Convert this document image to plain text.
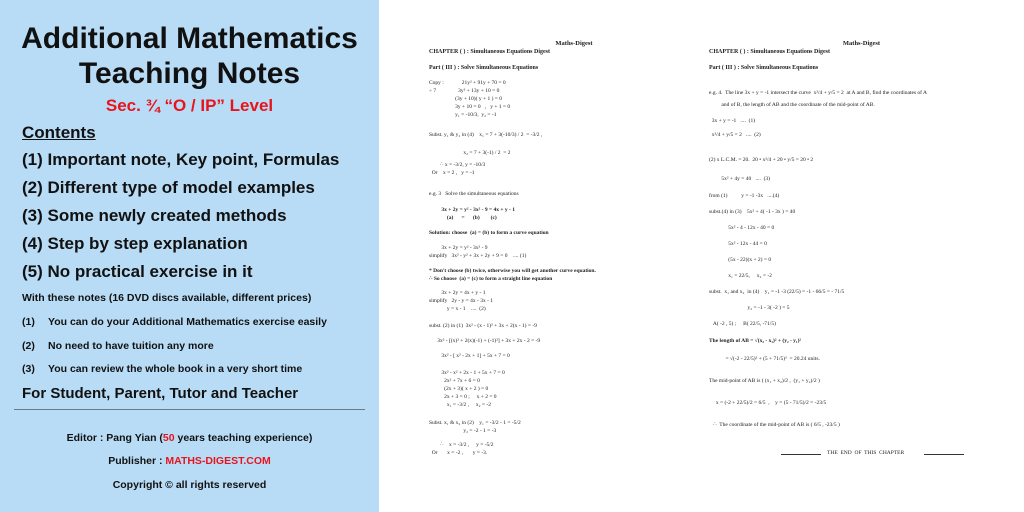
Additional Mathematics
Teaching Notes
Sec. ¾ “O / IP” Level
Contents
(1) Important note, Key point, Formulas
(2) Different type of model examples
(3) Some newly created methods
(4) Step by step explanation
(5) No practical exercise in it
With these notes (16 DVD discs available, different prices)
(1) You can do your Additional Mathematics exercise easily
(2) No need to have tuition any more
(3) You can review the whole book in a very short time
For Student, Parent, Tutor and Teacher
Editor : Pang Yian (50 years teaching experience)
Publisher : MATHS-DIGEST.COM
Copyright © all rights reserved
Maths-Digest
CHAPTER ( ) : Simultaneous Equations Digest
Part ( III ) : Solve Simultaneous Equations
Copy :             21y² + 91y + 70 = 0
÷ 7                3y² + 13y + 10 = 0
(3y + 10)( y + 1 ) = 0
3y + 10 = 0   ,   y + 1 = 0
y₁ = -10/3,  y₂ = -1
Subst. y₁ & y₂ in (4)    x₁ = 7 + 3(-10/3) / 2  = -3/2 ,
x₂ = 7 + 3(-1) / 2  = 2
∴ x = -3/2, y = -10/3
Or    x = 2 ,   y = -1
e.g. 3   Solve the simultaneous equations
3x + 2y = y² - 3x² - 9 = 4x + y - 1
(a)      =      (b)        (c)
Solution: choose  (a) = (b) to form a curve equation
3x + 2y = y² - 3x² - 9
simplify   3x² - y² + 3x + 2y + 9 = 0    .... (1)
* Don't choose (b) twice, otherwise you will get another curve equation.
∴ So choose  (a) = (c) to form a straight line equation
3x + 2y = 4x + y - 1
simplify   2y - y = 4x - 3x - 1
y = x - 1    ....  (2)
subst. (2) in (1)  3x² - (x - 1)² + 3x + 2(x - 1) = -9
3x² - [(x)² + 2(x)(-1) + (-1)²] + 3x + 2x - 2 = -9
3x² - [ x² - 2x + 1] + 5x + 7 = 0
3x² - x² + 2x - 1 + 5x + 7 = 0
2x² + 7x + 6 = 0
(2x + 3)( x + 2 ) = 0
2x + 3 = 0 ;     x + 2 = 0
x₁ = -3/2 ,     x₂ = -2
Subst. x₁ & x₂ in (2)    y₁ = -3/2 - 1 = -5/2
y₂ = -2 - 1 = -3
∴    x = -3/2 ,     y = -5/2
Or       x = -2 ,       y = -3.
Maths-Digest
CHAPTER ( ) : Simultaneous Equations Digest
Part ( III ) : Solve Simultaneous Equations
e.g. 4.  The line 3x + y = -1 intersect the curve  x²/4 + y/5 = 2  at A and B, find the coordinates of A
and of B, the length of AB and the coordinate of the mid-point of AB.
3x + y = -1   ....  (1)
x²/4 + y/5 = 2   ....  (2)
(2) x L.C.M. = 20.  20 • x²/4 + 20 • y/5 = 20 • 2
5x² + 4y = 40   ....  (3)
from (1)          y = -1 -3x   ....(4)
subst.(4) in (3)    5x² + 4( -1 - 3x ) = 40
5x² - 4 - 12x - 40 = 0
5x² - 12x - 44 = 0
(5x - 22)(x + 2) = 0
x₁ = 22/5,     x₂ = -2
subst.  x₁ and x₂  in (4)    y₁ = -1 -3 (22/5) = -1 - 66/5 = - 71/5
y₂ = -1 - 3( -2 ) = 5
A( -2 , 5) ;     B( 22/5, -71/5)
The length of AB = √(x₂ - x₁)² + (y₂ - y₁)²
= √(-2 - 22/5)² + (5 + 71/5)²  = 20.24 units.
The mid-point of AB is ( (x₁ + x₂)/2 ,  (y₁ + y₂)/2 )
x = (-2 + 22/5)/2 = 6/5  ,    y = (5 - 71/5)/2 = -23/5
∴  The coordinate of the mid-point of AB is ( 6/5 , -23/5 )
THE  END  OF  THIS  CHAPTER
